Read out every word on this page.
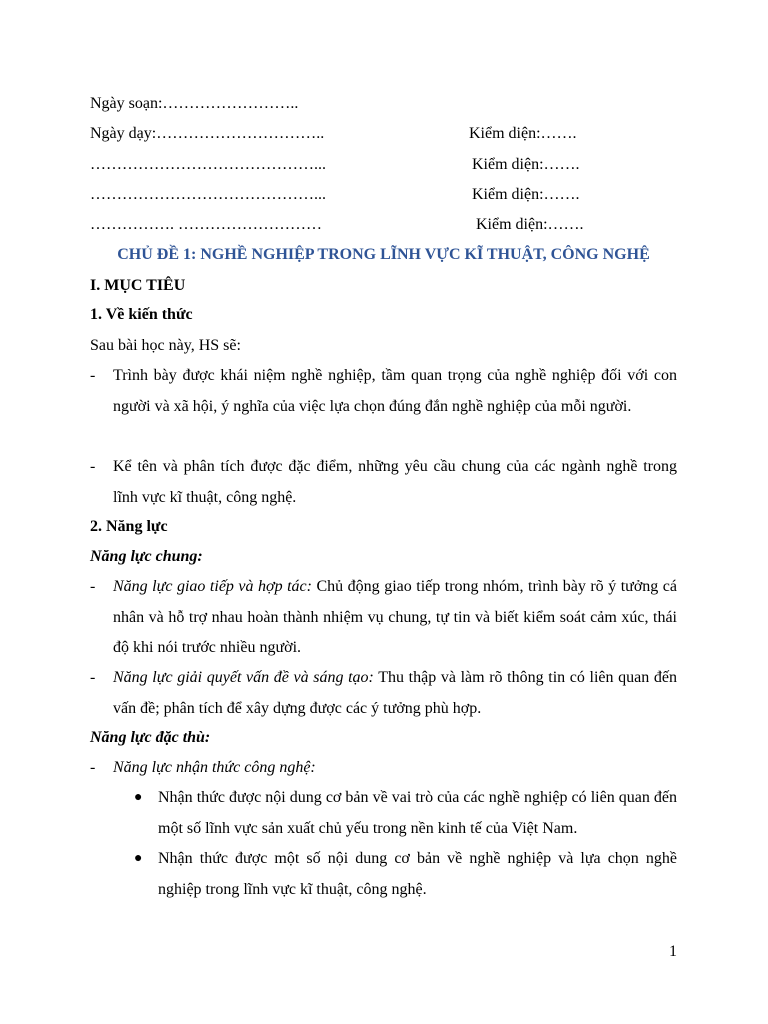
Ngày soạn:……………………..
Ngày dạy:…………………………..	Kiểm diện:…….
……………………………………...	Kiểm diện:…….
……………………………………...	Kiểm diện:…….
……………. ………………………	Kiểm diện:…….
CHỦ ĐỀ 1: NGHỀ NGHIỆP TRONG LĨNH VỰC KĨ THUẬT, CÔNG NGHỆ
I. MỤC TIÊU
1. Về kiến thức
Sau bài học này, HS sẽ:
- Trình bày được khái niệm nghề nghiệp, tầm quan trọng của nghề nghiệp đối với con người và xã hội, ý nghĩa của việc lựa chọn đúng đắn nghề nghiệp của mỗi người.
- Kể tên và phân tích được đặc điểm, những yêu cầu chung của các ngành nghề trong lĩnh vực kĩ thuật, công nghệ.
2. Năng lực
Năng lực chung:
- Năng lực giao tiếp và hợp tác: Chủ động giao tiếp trong nhóm, trình bày rõ ý tưởng cá nhân và hỗ trợ nhau hoàn thành nhiệm vụ chung, tự tin và biết kiểm soát cảm xúc, thái độ khi nói trước nhiều người.
- Năng lực giải quyết vấn đề và sáng tạo: Thu thập và làm rõ thông tin có liên quan đến vấn đề; phân tích để xây dựng được các ý tưởng phù hợp.
Năng lực đặc thù:
- Năng lực nhận thức công nghệ:
● Nhận thức được nội dung cơ bản về vai trò của các nghề nghiệp có liên quan đến một số lĩnh vực sản xuất chủ yếu trong nền kinh tế của Việt Nam.
● Nhận thức được một số nội dung cơ bản về nghề nghiệp và lựa chọn nghề nghiệp trong lĩnh vực kĩ thuật, công nghệ.
1
